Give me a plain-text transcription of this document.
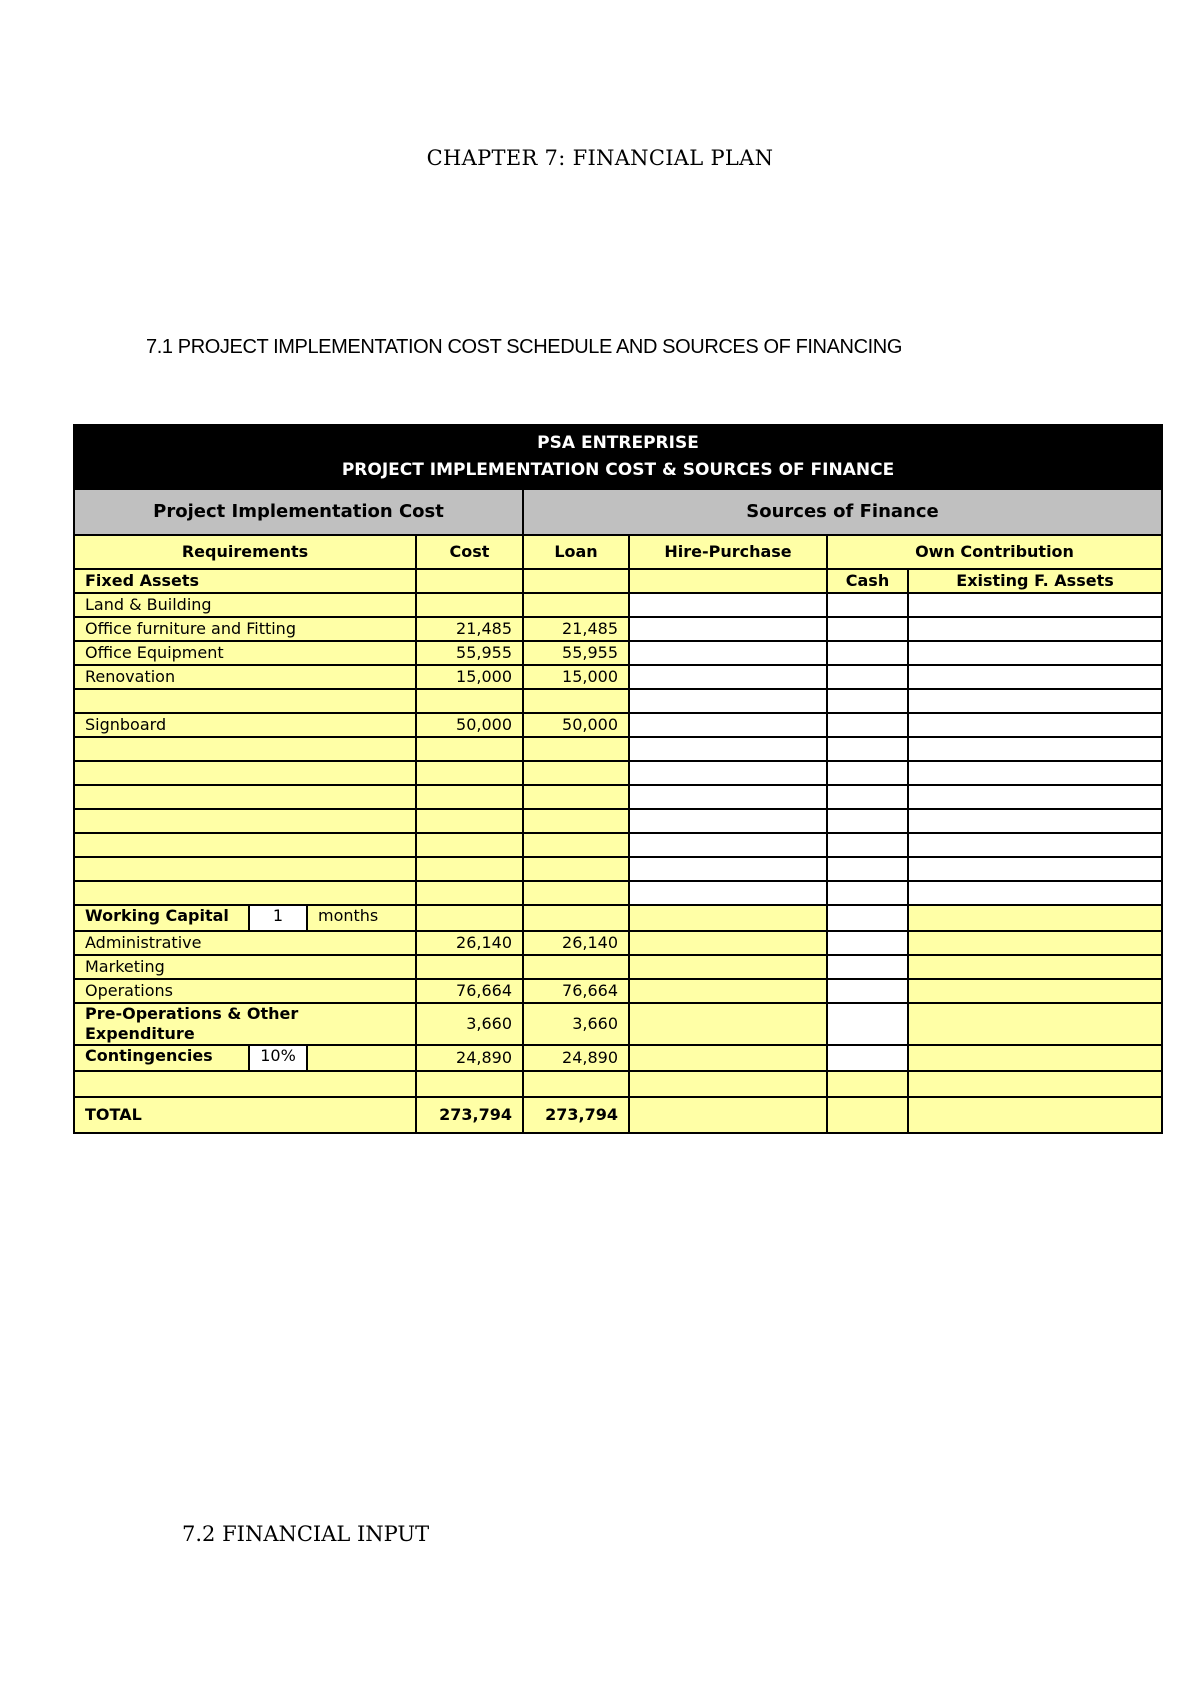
CHAPTER 7: FINANCIAL PLAN
7.1 PROJECT IMPLEMENTATION COST SCHEDULE AND SOURCES OF FINANCING
PSA ENTREPRISE
PROJECT IMPLEMENTATION COST & SOURCES OF FINANCE					

Project Implementation Cost		Sources of Finance			
Requirements	Cost	Loan	Hire-Purchase	Own Contribution	
Fixed Assets				Cash	Existing F. Assets
Land & Building					
Office furniture and Fitting	21,485	21,485			
Office Equipment	55,955	55,955			
Renovation	15,000	15,000			

Signboard	50,000	50,000			

Working Capital 1 months					

Administrative	26,140	26,140			
Marketing					
Operations	76,664	76,664			
Pre-Operations & Other Expenditure	3,660	3,660			

Contingencies 10%	24,890	24,890			

TOTAL	273,794	273,794			
7.2 FINANCIAL INPUT
